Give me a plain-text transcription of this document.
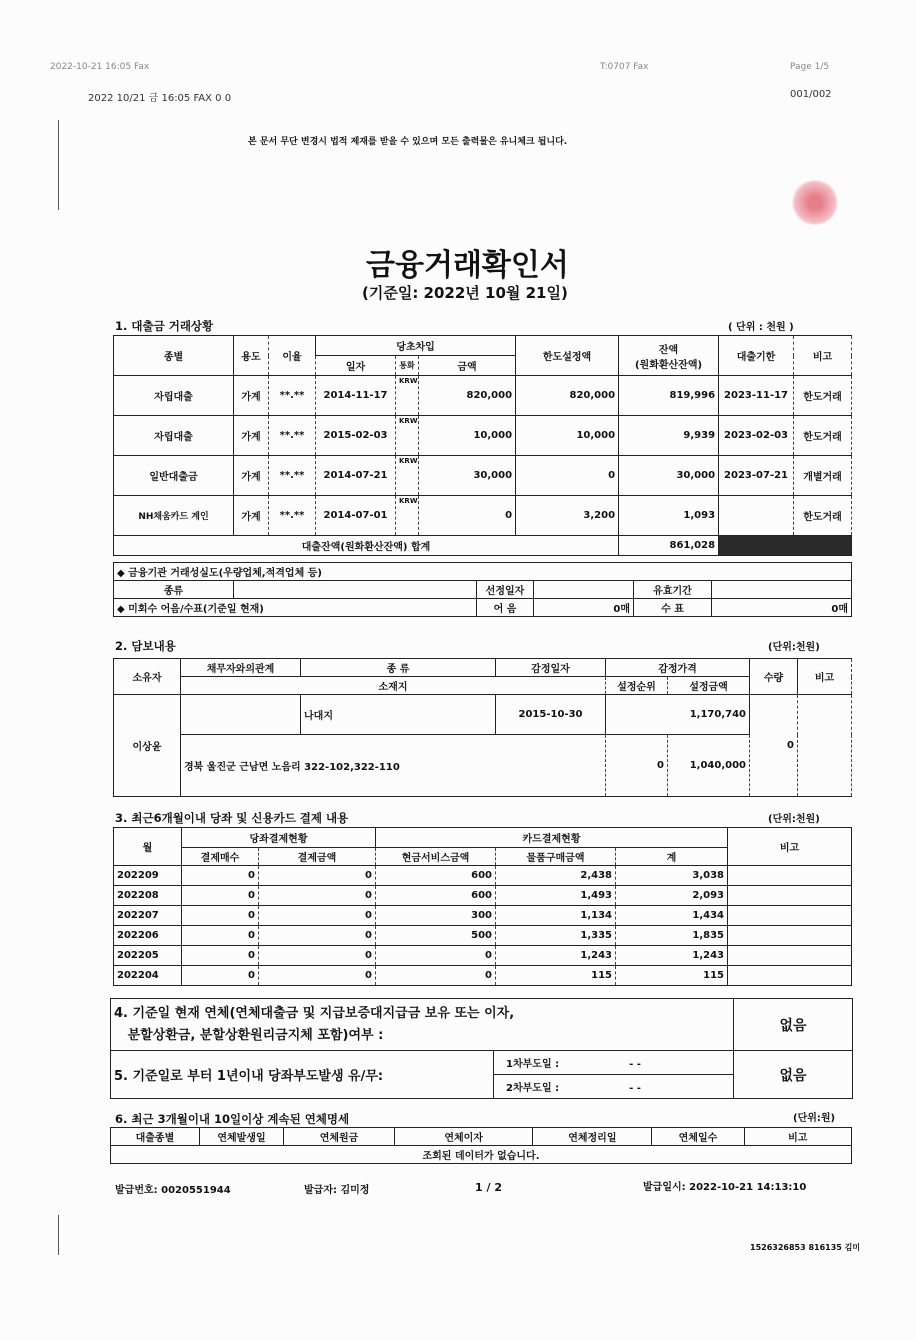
2022-10-21 16:05 Fax	T:0707 Fax	Page 1/5
2022 10/21 금 16:05 FAX 0 0	001/002
본 문서 무단 변경시 법적 제재를 받을 수 있으며 모든 출력물은 유니체크 됩니다.
금융거래확인서
(기준일: 2022년 10월 21일)
1. 대출금 거래상황	( 단위 : 천원 )
종별	용도	이율	당초차입			한도설정액	잔액
(원화환산잔액)	대출기한	비고
			일자	통화	금액				
자립대출	가계	**.**	2014-11-17	KRW	820,000	820,000	819,996	2023-11-17	한도거래
자립대출	가계	**.**	2015-02-03	KRW	10,000	10,000	9,939	2023-02-03	한도거래
일반대출금	가계	**.**	2014-07-21	KRW	30,000	0	30,000	2023-07-21	개별거래
NH채움카드 계인	가계	**.**	2014-07-01	KRW	0	3,200	1,093		한도거래
대출잔액(원화환산잔액) 합계							861,028		
◆ 금융기관 거래성실도(우량업체,적격업체 등)					
종류		선정일자		유효기간	
◆ 미회수 어음/수표(기준일 현재)		어 음	0매	수 표	0매
2. 담보내용	(단위:천원)
소유자	채무자와의관계	종 류	감정일자	감정가격		수량	비고
	소재지			설정순위	설정금액		
이상윤		나대지	2015-10-30	1,170,740		0	
	경북 울진군 근남면 노음리 322-102,322-110			0	1,040,000		
3. 최근6개월이내 당좌 및 신용카드 결제 내용	(단위:천원)
월	당좌결제현황		카드결제현황			비고
	결제매수	결제금액	현금서비스금액	물품구매금액	계	
202209	0	0	600	2,438	3,038	
202208	0	0	600	1,493	2,093	
202207	0	0	300	1,134	1,434	
202206	0	0	500	1,335	1,835	
202205	0	0	0	1,243	1,243	
202204	0	0	0	115	115	
4. 기준일 현재 연체(연체대출금 및 지급보증대지급금 보유 또는 이자,
분할상환금, 분할상환원리금지체 포함)여부 :		없음
5. 기준일로 부터 1년이내 당좌부도발생 유/무:	1차부도일 : - -	없음
	2차부도일 : - -	
6. 최근 3개월이내 10일이상 계속된 연체명세	(단위:원)
대출종별	연체발생일	연체원금	연체이자	연체정리일	연체일수	비고
조회된 데이터가 없습니다.
발급번호: 0020551944	발급자: 김미정	1 / 2	발급일시: 2022-10-21 14:13:10
1526326853 816135 김미
